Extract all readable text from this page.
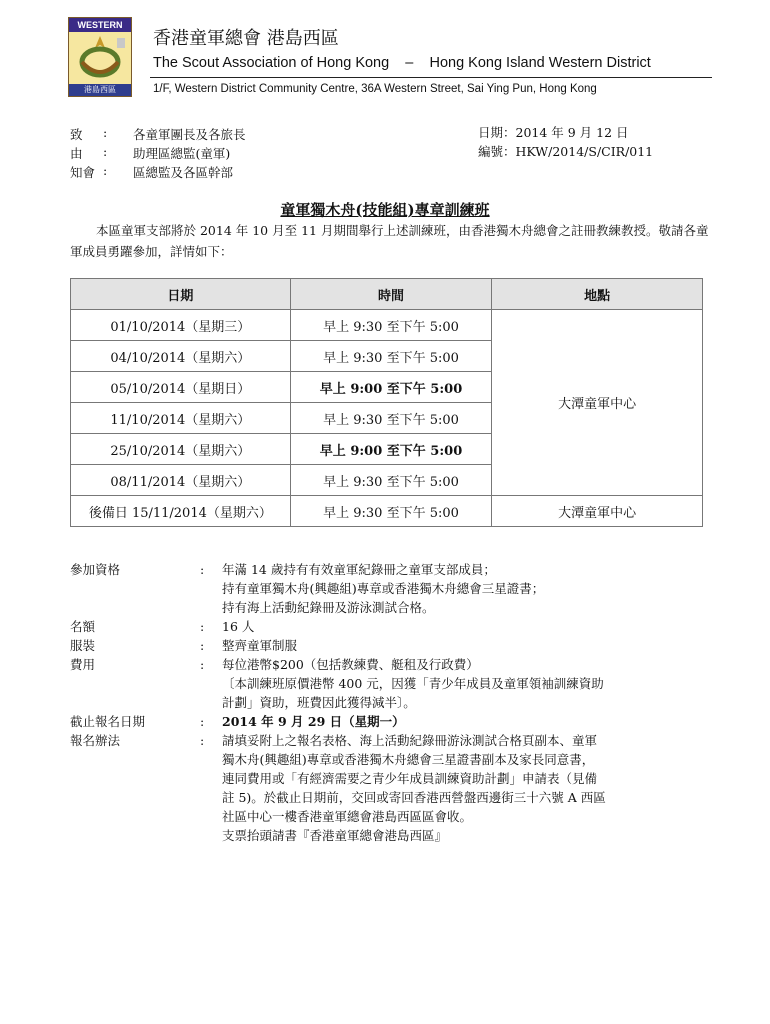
WESTERN
港島西區
香港童軍總會 港島西區
The Scout Association of Hong Kong    –    Hong Kong Island Western District
1/F, Western District Community Centre, 36A Western Street, Sai Ying Pun, Hong Kong
致 : 各童軍團長及各旅長
由 : 助理區總監(童軍)
知會 : 區總監及各區幹部
日期：2014 年 9 月 12 日
編號：HKW/2014/S/CIR/011
童軍獨木舟(技能組)專章訓練班
本區童軍支部將於 2014 年 10 月至 11 月期間舉行上述訓練班，由香港獨木舟總會之註冊教練教授。敬請各童軍成員勇躍參加，詳情如下：
日期	時間	地點
01/10/2014（星期三）	早上 9:30 至下午 5:00	大潭童軍中心
04/10/2014（星期六）	早上 9:30 至下午 5:00	
05/10/2014（星期日）	早上 9:00 至下午 5:00	
11/10/2014（星期六）	早上 9:30 至下午 5:00	
25/10/2014（星期六）	早上 9:00 至下午 5:00	
08/11/2014（星期六）	早上 9:30 至下午 5:00	
後備日 15/11/2014（星期六）	早上 9:30 至下午 5:00	大潭童軍中心
參加資格	:	年滿 14 歲持有有效童軍紀錄冊之童軍支部成員；
持有童軍獨木舟(興趣組)專章或香港獨木舟總會三星證書；
持有海上活動紀錄冊及游泳測試合格。
名額	:	16 人
服裝	:	整齊童軍制服
費用	:	每位港幣$200（包括教練費、艇租及行政費）
〔本訓練班原價港幣 400 元，因獲「青少年成員及童軍領袖訓練資助
計劃」資助，班費因此獲得減半〕。
截止報名日期	:	2014 年 9 月 29 日（星期一）
報名辦法	:	請填妥附上之報名表格、海上活動紀錄冊游泳測試合格頁副本、童軍
獨木舟(興趣組)專章或香港獨木舟總會三星證書副本及家長同意書，
連同費用或「有經濟需要之青少年成員訓練資助計劃」申請表（見備
註 5)。於截止日期前，交回或寄回香港西營盤西邊街三十六號 A 西區
社區中心一樓香港童軍總會港島西區區會收。
支票抬頭請書『香港童軍總會港島西區』
